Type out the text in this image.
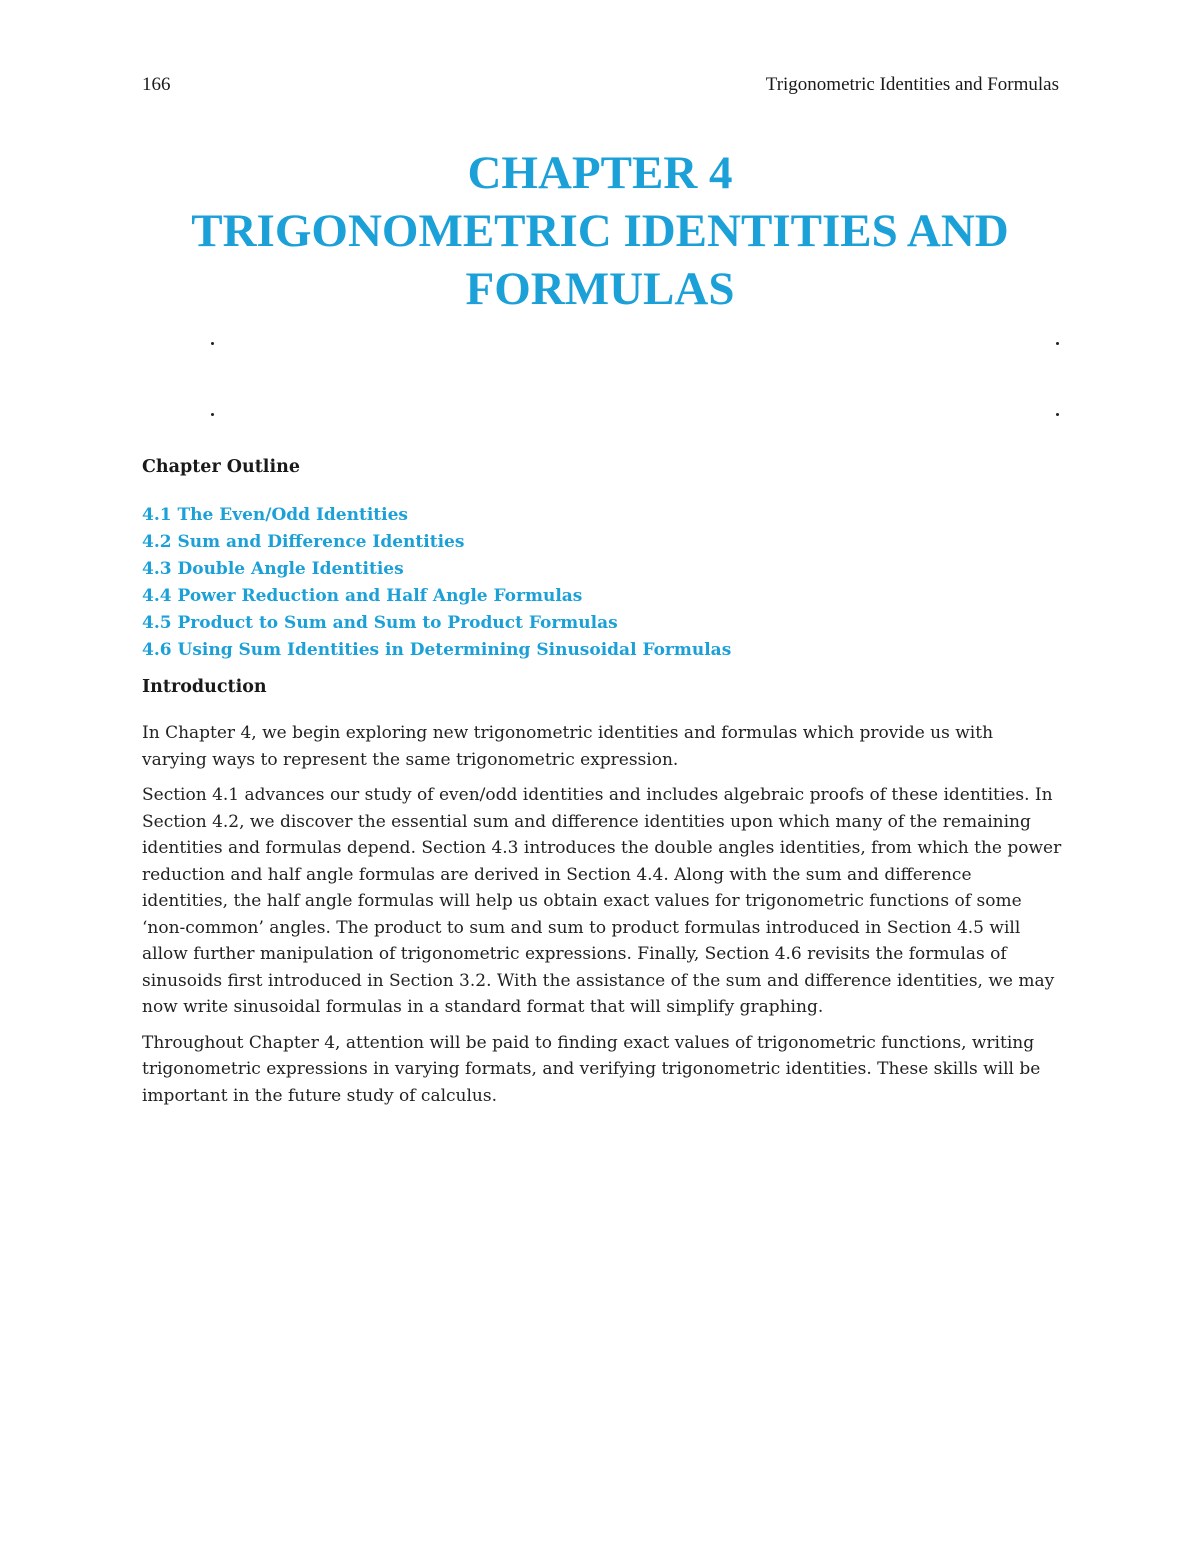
166	Trigonometric Identities and Formulas
CHAPTER 4
TRIGONOMETRIC IDENTITIES AND
FORMULAS
Chapter Outline
4.1 The Even/Odd Identities
4.2 Sum and Difference Identities
4.3 Double Angle Identities
4.4 Power Reduction and Half Angle Formulas
4.5 Product to Sum and Sum to Product Formulas
4.6 Using Sum Identities in Determining Sinusoidal Formulas
Introduction

In Chapter 4, we begin exploring new trigonometric identities and formulas which provide us with varying ways to represent the same trigonometric expression.

Section 4.1 advances our study of even/odd identities and includes algebraic proofs of these identities. In Section 4.2, we discover the essential sum and difference identities upon which many of the remaining identities and formulas depend. Section 4.3 introduces the double angles identities, from which the power reduction and half angle formulas are derived in Section 4.4. Along with the sum and difference identities, the half angle formulas will help us obtain exact values for trigonometric functions of some ‘non-common’ angles. The product to sum and sum to product formulas introduced in Section 4.5 will allow further manipulation of trigonometric expressions. Finally, Section 4.6 revisits the formulas of sinusoids first introduced in Section 3.2. With the assistance of the sum and difference identities, we may now write sinusoidal formulas in a standard format that will simplify graphing.

Throughout Chapter 4, attention will be paid to finding exact values of trigonometric functions, writing trigonometric expressions in varying formats, and verifying trigonometric identities. These skills will be important in the future study of calculus.
